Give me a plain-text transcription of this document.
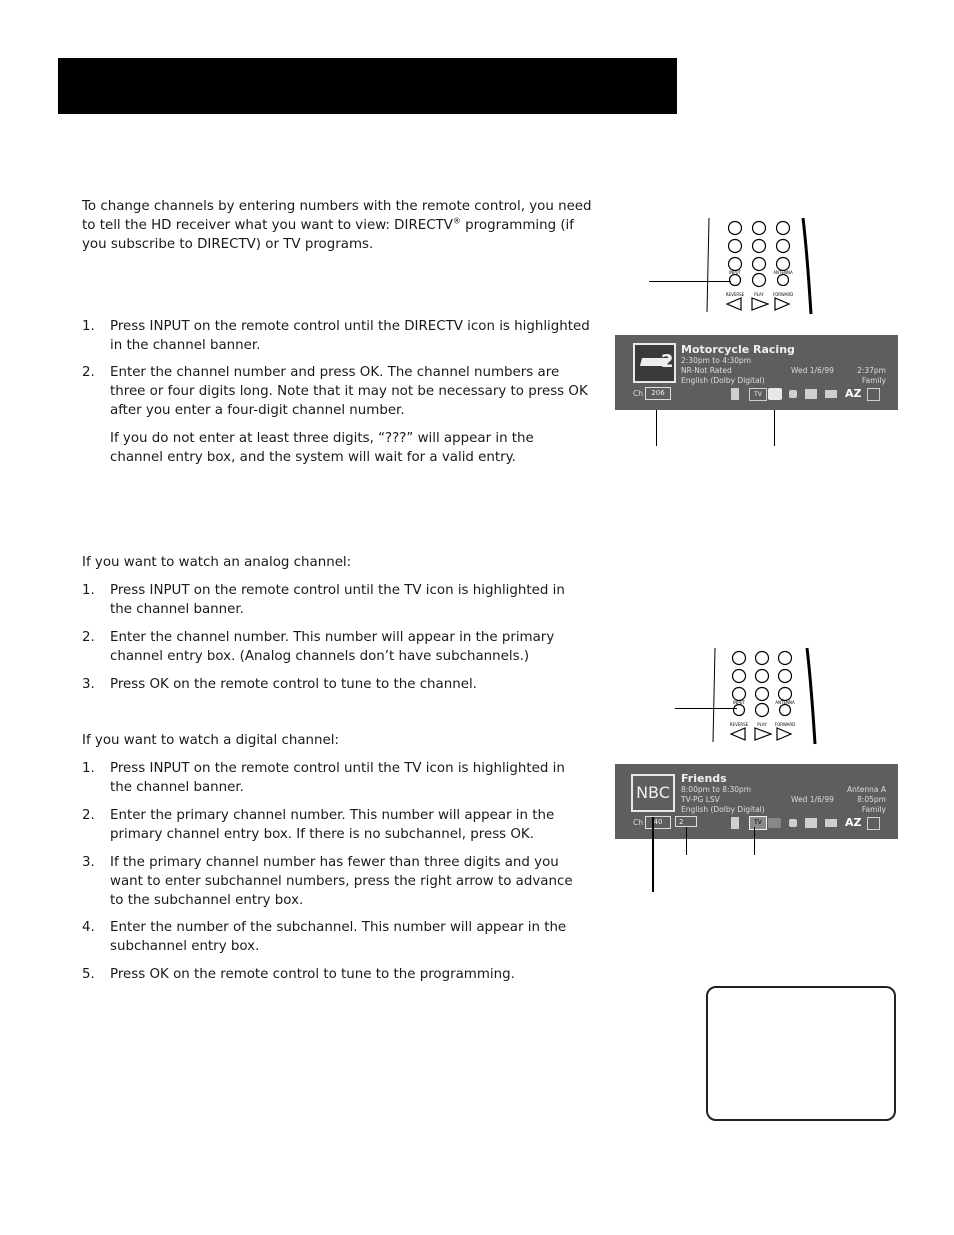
To change channels by entering numbers with the remote control, you need to tell the HD receiver what you want to view: DIRECTV® programming (if you subscribe to DIRECTV) or TV programs.

1. Press INPUT on the remote control until the DIRECTV icon is highlighted in the channel banner.
2. Enter the channel number and press OK. The channel numbers are three or four digits long. Note that it may not be necessary to press OK after you enter a four-digit channel number.
If you do not enter at least three digits, “???” will appear in the channel entry box, and the system will wait for a valid entry.

If you want to watch an analog channel:

1. Press INPUT on the remote control until the TV icon is highlighted in the channel banner.
2. Enter the channel number. This number will appear in the primary channel entry box. (Analog channels don’t have subchannels.)
3. Press OK on the remote control to tune to the channel.

If you want to watch a digital channel:

1. Press INPUT on the remote control until the TV icon is highlighted in the channel banner.
2. Enter the primary channel number. This number will appear in the primary channel entry box. If there is no subchannel, press OK.
3. If the primary channel number has fewer than three digits and you want to enter subchannel numbers, press the right arrow to advance to the subchannel entry box.
4. Enter the number of the subchannel. This number will appear in the subchannel entry box.
5. Press OK on the remote control to tune to the programming.
INPUT	ANTENNA
REVERSE PLAY FORWARD
2
Motorcycle Racing
2:30pm to 4:30pm
NR-Not Rated
English (Dolby Digital)
Wed 1/6/99	2:37pm
Family
Ch	206	TV	AZ
INPUT	ANTENNA
REVERSE PLAY FORWARD
NBC
Friends
8:00pm to 8:30pm
TV-PG LSV
English (Dolby Digital)
Wed 1/6/99
Antenna A
8:05pm
Family
Ch	40	2	TV	AZ
